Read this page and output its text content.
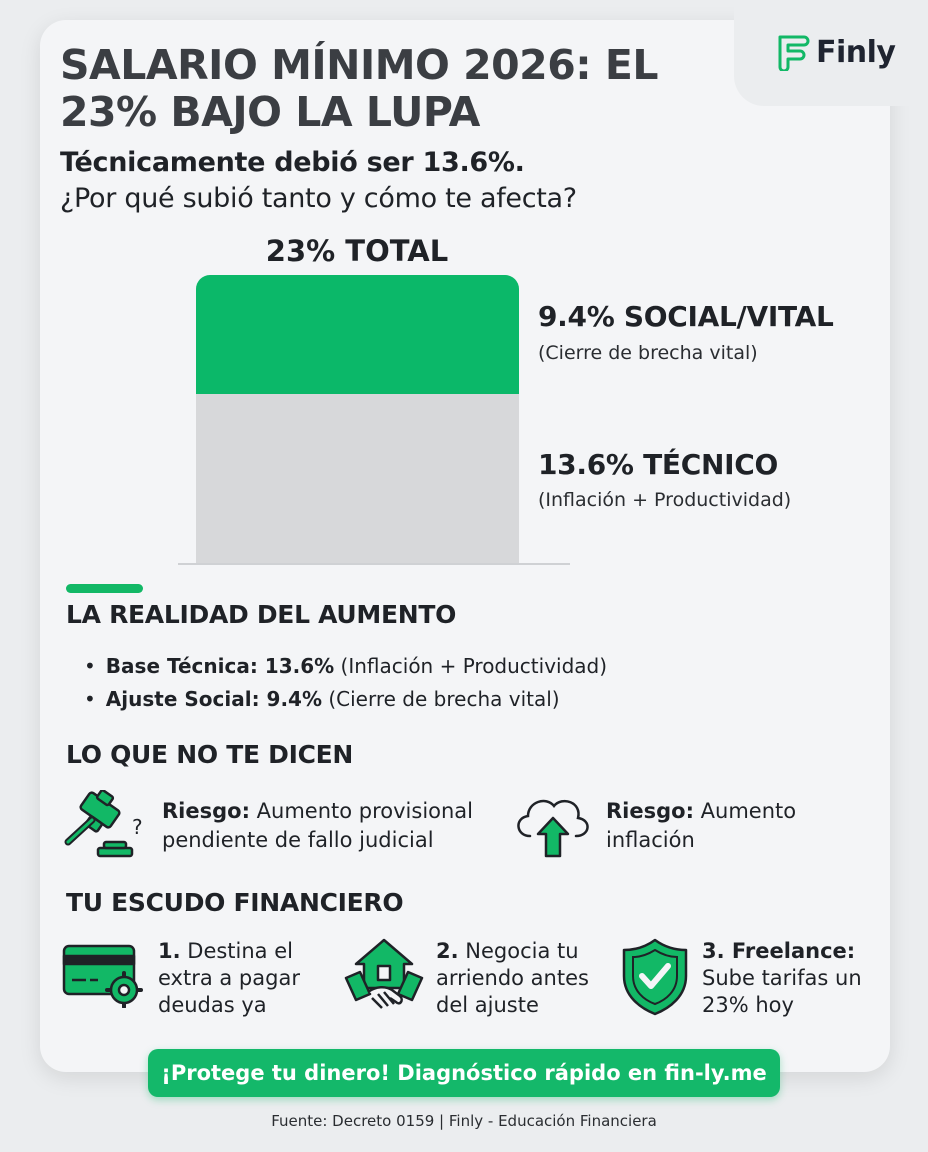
Finly
SALARIO MÍNIMO 2026: EL 23% BAJO LA LUPA
Técnicamente debió ser 13.6%.
¿Por qué subió tanto y cómo te afecta?
23% TOTAL
9.4% SOCIAL/VITAL
(Cierre de brecha vital)
13.6% TÉCNICO
(Inflación + Productividad)
LA REALIDAD DEL AUMENTO
• Base Técnica: 13.6% (Inflación + Productividad)
• Ajuste Social: 9.4% (Cierre de brecha vital)
LO QUE NO TE DICEN
?
Riesgo: Aumento provisional
pendiente de fallo judicial
Riesgo: Aumento
inflación
TU ESCUDO FINANCIERO
1. Destina el
extra a pagar
deudas ya
2. Negocia tu
arriendo antes
del ajuste
3. Freelance:
Sube tarifas un
23% hoy
¡Protege tu dinero! Diagnóstico rápido en fin-ly.me
Fuente: Decreto 0159 | Finly - Educación Financiera
